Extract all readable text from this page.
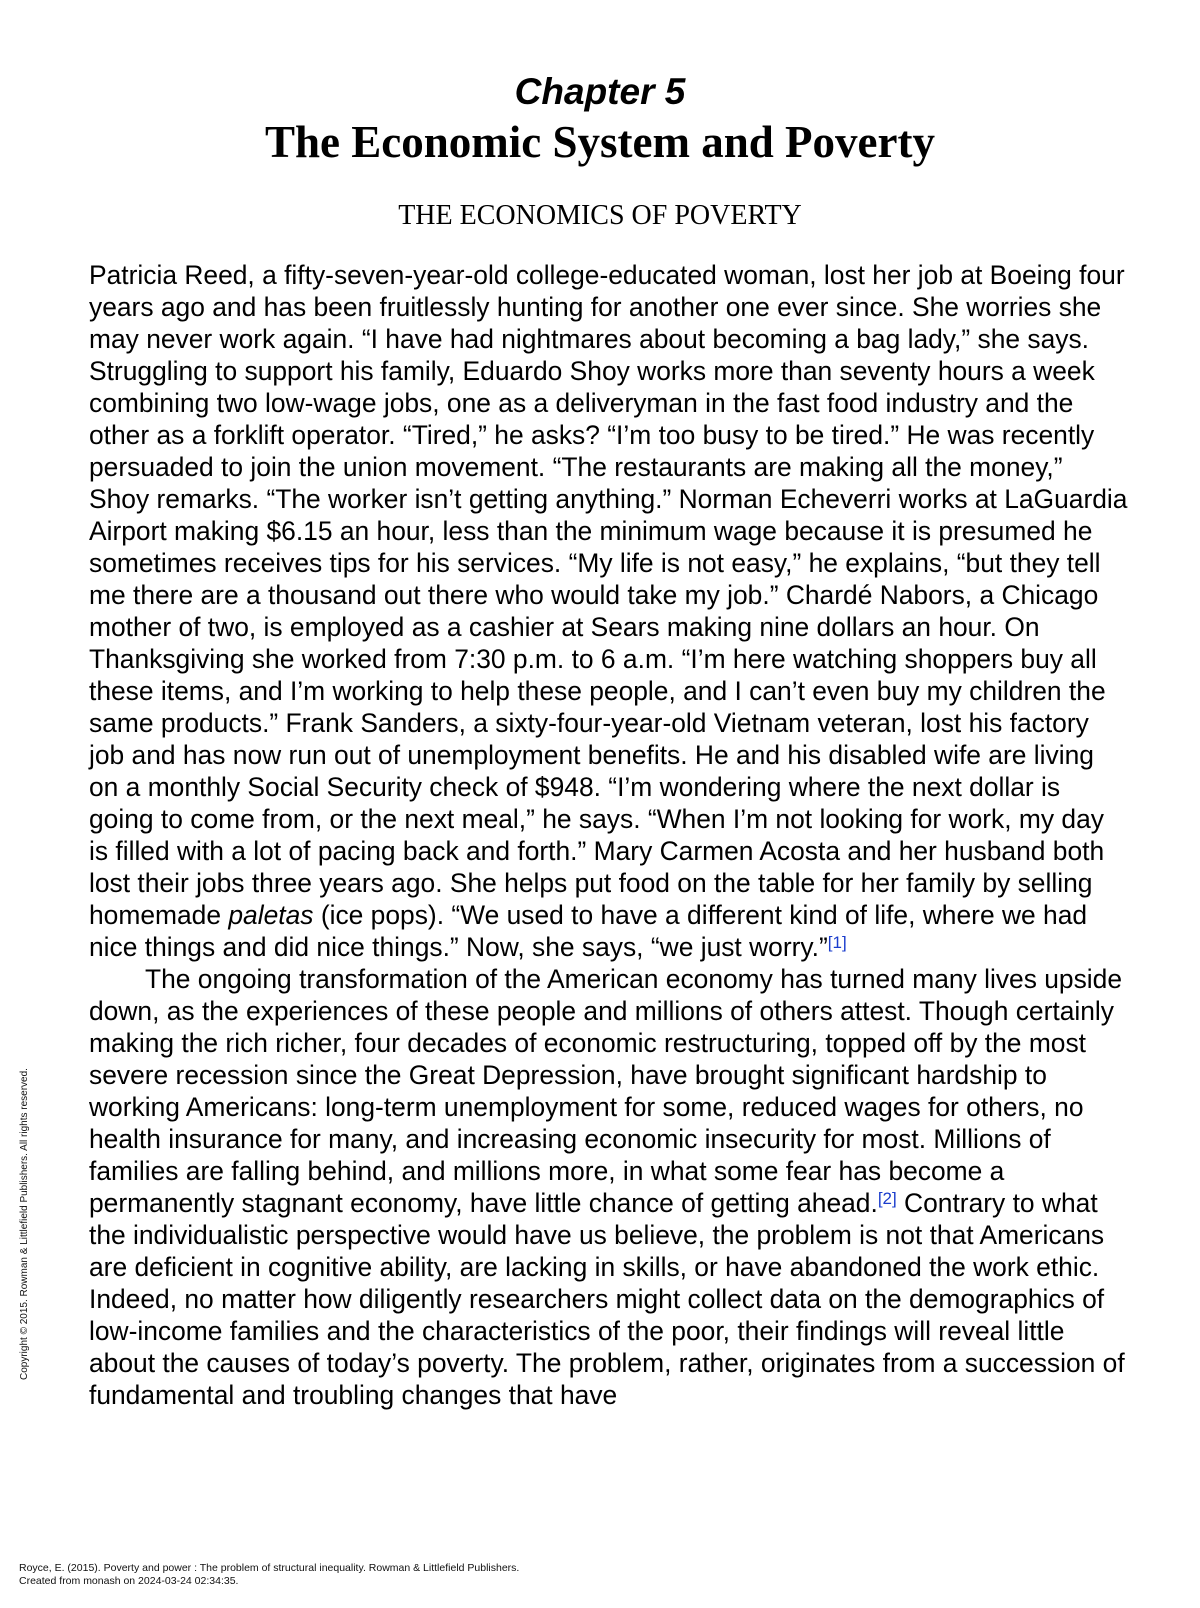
Chapter 5
The Economic System and Poverty
THE ECONOMICS OF POVERTY

Patricia Reed, a fifty-seven-year-old college-educated woman, lost her job at Boeing four years ago and has been fruitlessly hunting for another one ever since. She worries she may never work again. “I have had nightmares about becoming a bag lady,” she says. Struggling to support his family, Eduardo Shoy works more than seventy hours a week combining two low-wage jobs, one as a deliveryman in the fast food industry and the other as a forklift operator. “Tired,” he asks? “I’m too busy to be tired.” He was recently persuaded to join the union movement. “The restaurants are making all the money,” Shoy remarks. “The worker isn’t getting anything.” Norman Echeverri works at LaGuardia Airport making $6.15 an hour, less than the minimum wage because it is presumed he sometimes receives tips for his services. “My life is not easy,” he explains, “but they tell me there are a thousand out there who would take my job.” Chardé Nabors, a Chicago mother of two, is employed as a cashier at Sears making nine dollars an hour. On Thanksgiving she worked from 7:30 p.m. to 6 a.m. “I’m here watching shoppers buy all these items, and I’m working to help these people, and I can’t even buy my children the same products.” Frank Sanders, a sixty-four-year-old Vietnam veteran, lost his factory job and has now run out of unemployment benefits. He and his disabled wife are living on a monthly Social Security check of $948. “I’m wondering where the next dollar is going to come from, or the next meal,” he says. “When I’m not looking for work, my day is filled with a lot of pacing back and forth.” Mary Carmen Acosta and her husband both lost their jobs three years ago. She helps put food on the table for her family by selling homemade paletas (ice pops). “We used to have a different kind of life, where we had nice things and did nice things.” Now, she says, “we just worry.”[1]

The ongoing transformation of the American economy has turned many lives upside down, as the experiences of these people and millions of others attest. Though certainly making the rich richer, four decades of economic restructuring, topped off by the most severe recession since the Great Depression, have brought significant hardship to working Americans: long-term unemployment for some, reduced wages for others, no health insurance for many, and increasing economic insecurity for most. Millions of families are falling behind, and millions more, in what some fear has become a permanently stagnant economy, have little chance of getting ahead.[2] Contrary to what the individualistic perspective would have us believe, the problem is not that Americans are deficient in cognitive ability, are lacking in skills, or have abandoned the work ethic. Indeed, no matter how diligently researchers might collect data on the demographics of low-income families and the characteristics of the poor, their findings will reveal little about the causes of today’s poverty. The problem, rather, originates from a succession of fundamental and troubling changes that have

Copyright © 2015. Rowman & Littlefield Publishers. All rights reserved.
Royce, E. (2015). Poverty and power : The problem of structural inequality. Rowman & Littlefield Publishers.
Created from monash on 2024-03-24 02:34:35.
